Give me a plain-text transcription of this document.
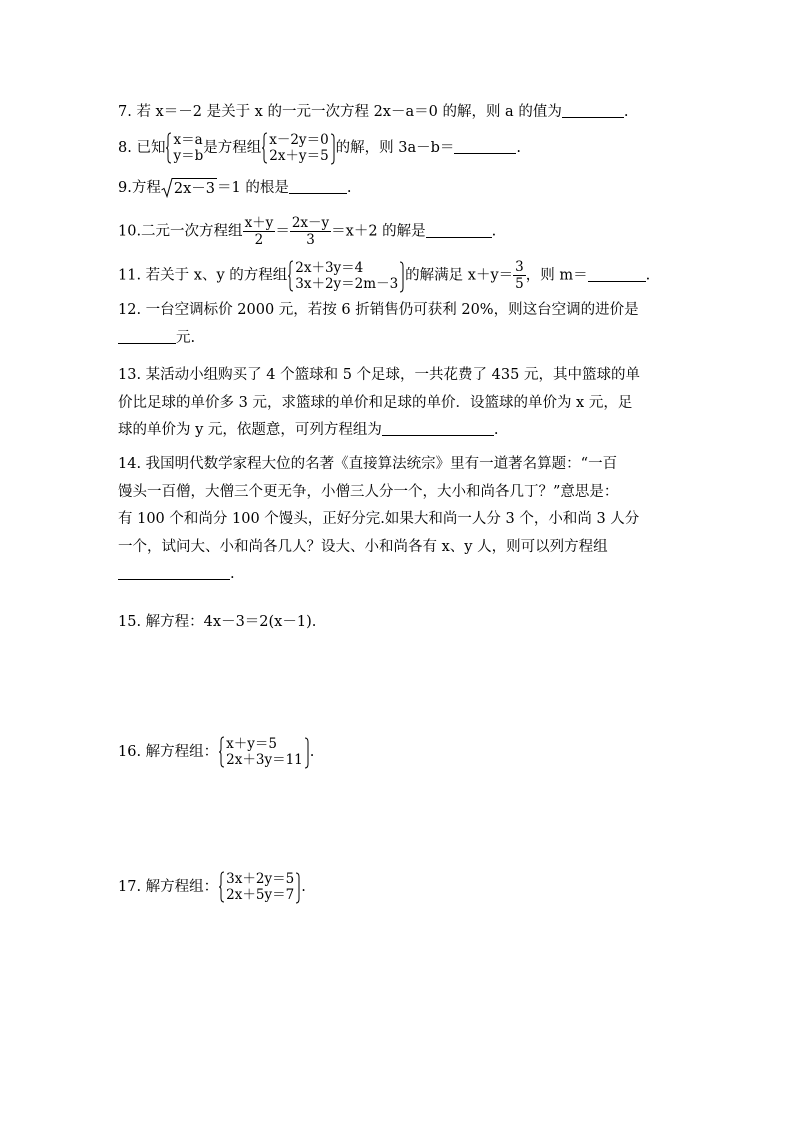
7. 若 x＝－2 是关于 x 的一元一次方程 2x－a＝0 的解，则 a 的值为	.
8. 已知 x＝a
y＝b 是方程组 x－2y＝0
2x＋y＝5 的解，则 3a－b＝	.
9.方程 2x－3 ＝1 的根是	.
10.二元一次方程组 $\frac{x+y}{2} = \frac{2x-y}{3} =x+2$ 的解是	.
11. 若关于 x、y 的方程组 2x＋3y＝4
3x＋2y＝2m－3 的解满足 $x+y= \frac{3}{5}$ ，则 m＝	.
12. 一台空调标价 2000 元，若按 6 折销售仍可获利 20%，则这台空调的进价是
元.
13. 某活动小组购买了 4 个篮球和 5 个足球，一共花费了 435 元，其中篮球的单
价比足球的单价多 3 元，求篮球的单价和足球的单价．设篮球的单价为 x 元，足
球的单价为 y 元，依题意，可列方程组为	.
14. 我国明代数学家程大位的名著《直接算法统宗》里有一道著名算题：“一百
馒头一百僧，大僧三个更无争，小僧三人分一个，大小和尚各几丁？”意思是：
有 100 个和尚分 100 个馒头，正好分完.如果大和尚一人分 3 个，小和尚 3 人分
一个，试问大、小和尚各几人？设大、小和尚各有 x、y 人，则可以列方程组
.
15. 解方程：4x－3＝2(x－1).
16. 解方程组： x＋y＝5
2x＋3y＝11 .
17. 解方程组： 3x＋2y＝5
2x＋5y＝7 .
